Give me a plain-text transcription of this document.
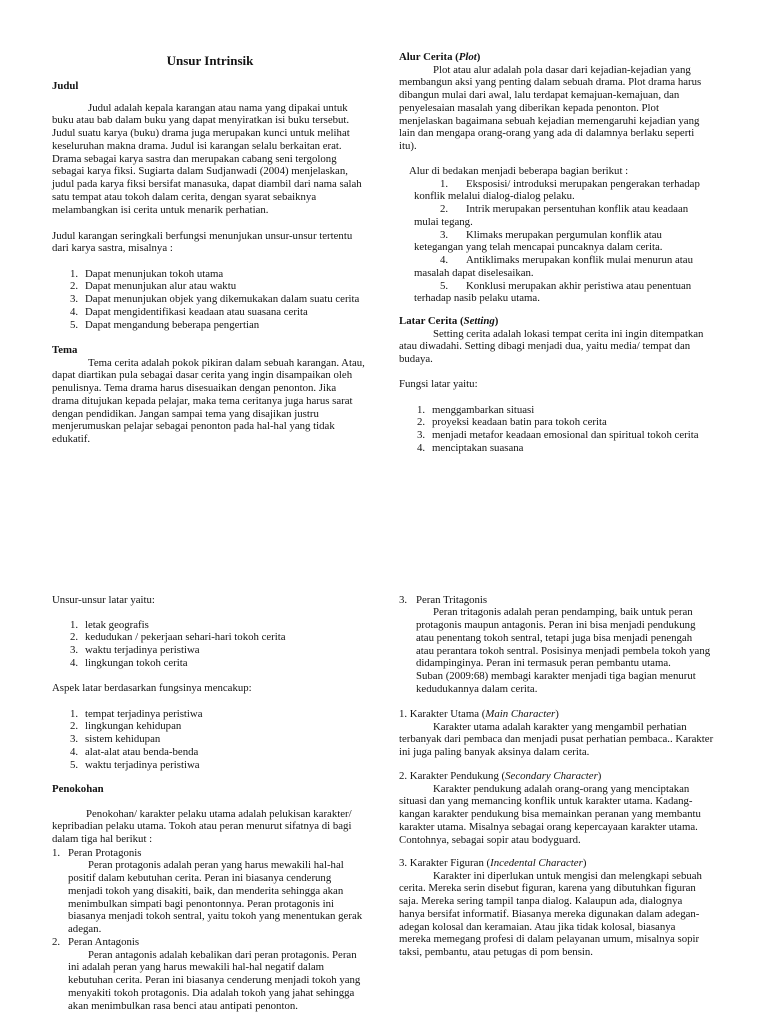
Unsur Intrinsik
Judul
Judul adalah kepala karangan atau nama yang dipakai untuk
buku atau bab dalam buku yang dapat menyiratkan isi buku tersebut.
Judul suatu karya (buku) drama juga merupakan kunci untuk melihat
keseluruhan makna drama. Judul isi karangan selalu berkaitan erat.
Drama sebagai karya sastra dan merupakan cabang seni tergolong
sebagai karya fiksi. Sugiarta dalam Sudjanwadi (2004) menjelaskan,
judul pada karya fiksi bersifat manasuka, dapat diambil dari nama salah
satu tempat atau tokoh dalam cerita, dengan syarat sebaiknya
melambangkan isi cerita untuk menarik perhatian.
Judul karangan seringkali berfungsi menunjukan unsur-unsur tertentu
dari karya sastra, misalnya :
1. Dapat menunjukan tokoh utama
2. Dapat menunjukan alur atau waktu
3. Dapat menunjukan objek yang dikemukakan dalam suatu cerita
4. Dapat mengidentifikasi keadaan atau suasana cerita
5. Dapat mengandung beberapa pengertian
Tema
Tema cerita adalah pokok pikiran dalam sebuah karangan. Atau,
dapat diartikan pula sebagai dasar cerita yang ingin disampaikan oleh
penulisnya. Tema drama harus disesuaikan dengan penonton. Jika
drama ditujukan kepada pelajar, maka tema ceritanya juga harus sarat
dengan pendidikan. Jangan sampai tema yang disajikan justru
menjerumuskan pelajar sebagai penonton pada hal-hal yang tidak
edukatif.
Alur Cerita (Plot)
Plot atau alur adalah pola dasar dari kejadian-kejadian yang
membangun aksi yang penting dalam sebuah drama. Plot drama harus
dibangun mulai dari awal, lalu terdapat kemajuan-kemajuan, dan
penyelesaian masalah yang diberikan kepada penonton. Plot
menjelaskan bagaimana sebuah kejadian memengaruhi kejadian yang
lain dan mengapa orang-orang yang ada di dalamnya berlaku seperti
itu).
Alur di bedakan menjadi beberapa bagian berikut :
1. Eksposisi/ introduksi merupakan pengerakan terhadap
konflik melalui dialog-dialog pelaku.
2. Intrik merupakan persentuhan konflik atau keadaan
mulai tegang.
3. Klimaks merupakan pergumulan konflik atau
ketegangan yang telah mencapai puncaknya dalam cerita.
4. Antiklimaks merupakan konflik mulai menurun atau
masalah dapat diselesaikan.
5. Konklusi merupakan akhir peristiwa atau penentuan
terhadap nasib pelaku utama.
Latar Cerita (Setting)
Setting cerita adalah lokasi tempat cerita ini ingin ditempatkan
atau diwadahi. Setting dibagi menjadi dua, yaitu media/ tempat dan
budaya.
Fungsi latar yaitu:
1. menggambarkan situasi
2. proyeksi keadaan batin para tokoh cerita
3. menjadi metafor keadaan emosional dan spiritual tokoh cerita
4. menciptakan suasana
Unsur-unsur latar yaitu:
1. letak geografis
2. kedudukan / pekerjaan sehari-hari tokoh cerita
3. waktu terjadinya peristiwa
4. lingkungan tokoh cerita
Aspek latar berdasarkan fungsinya mencakup:
1. tempat terjadinya peristiwa
2. lingkungan kehidupan
3. sistem kehidupan
4. alat-alat atau benda-benda
5. waktu terjadinya peristiwa
Penokohan
Penokohan/ karakter pelaku utama adalah pelukisan karakter/
kepribadian pelaku utama. Tokoh atau peran menurut sifatnya di bagi
dalam tiga hal berikut :
1. Peran Protagonis
Peran protagonis adalah peran yang harus mewakili hal-hal
positif dalam kebutuhan cerita. Peran ini biasanya cenderung
menjadi tokoh yang disakiti, baik, dan menderita sehingga akan
menimbulkan simpati bagi penontonnya. Peran protagonis ini
biasanya menjadi tokoh sentral, yaitu tokoh yang menentukan gerak
adegan.
2. Peran Antagonis
Peran antagonis adalah kebalikan dari peran protagonis. Peran
ini adalah peran yang harus mewakili hal-hal negatif dalam
kebutuhan cerita. Peran ini biasanya cenderung menjadi tokoh yang
menyakiti tokoh protagonis. Dia adalah tokoh yang jahat sehingga
akan menimbulkan rasa benci atau antipati penonton.
3. Peran Tritagonis
Peran tritagonis adalah peran pendamping, baik untuk peran
protagonis maupun antagonis. Peran ini bisa menjadi pendukung
atau penentang tokoh sentral, tetapi juga bisa menjadi penengah
atau perantara tokoh sentral. Posisinya menjadi pembela tokoh yang
didampinginya. Peran ini termasuk peran pembantu utama.
Suban (2009:68) membagi karakter menjadi tiga bagian menurut
kedudukannya dalam cerita.
1. Karakter Utama (Main Character)
Karakter utama adalah karakter yang mengambil perhatian
terbanyak dari pembaca dan menjadi pusat perhatian pembaca.. Karakter
ini juga paling banyak aksinya dalam cerita.
2. Karakter Pendukung (Secondary Character)
Karakter pendukung adalah orang-orang yang menciptakan
situasi dan yang memancing konflik untuk karakter utama. Kadang-
kangan karakter pendukung bisa memainkan peranan yang membantu
karakter utama. Misalnya sebagai orang kepercayaan karakter utama.
Contohnya, sebagai sopir atau bodyguard.
3. Karakter Figuran (Incedental Character)
Karakter ini diperlukan untuk mengisi dan melengkapi sebuah
cerita. Mereka serin disebut figuran, karena yang dibutuhkan figuran
saja. Mereka sering tampil tanpa dialog. Kalaupun ada, dialognya
hanya bersifat informatif. Biasanya mereka digunakan dalam adegan-
adegan kolosal dan keramaian. Atau jika tidak kolosal, biasanya
mereka memegang profesi di dalam pelayanan umum, misalnya sopir
taksi, pembantu, atau petugas di pom bensin.
